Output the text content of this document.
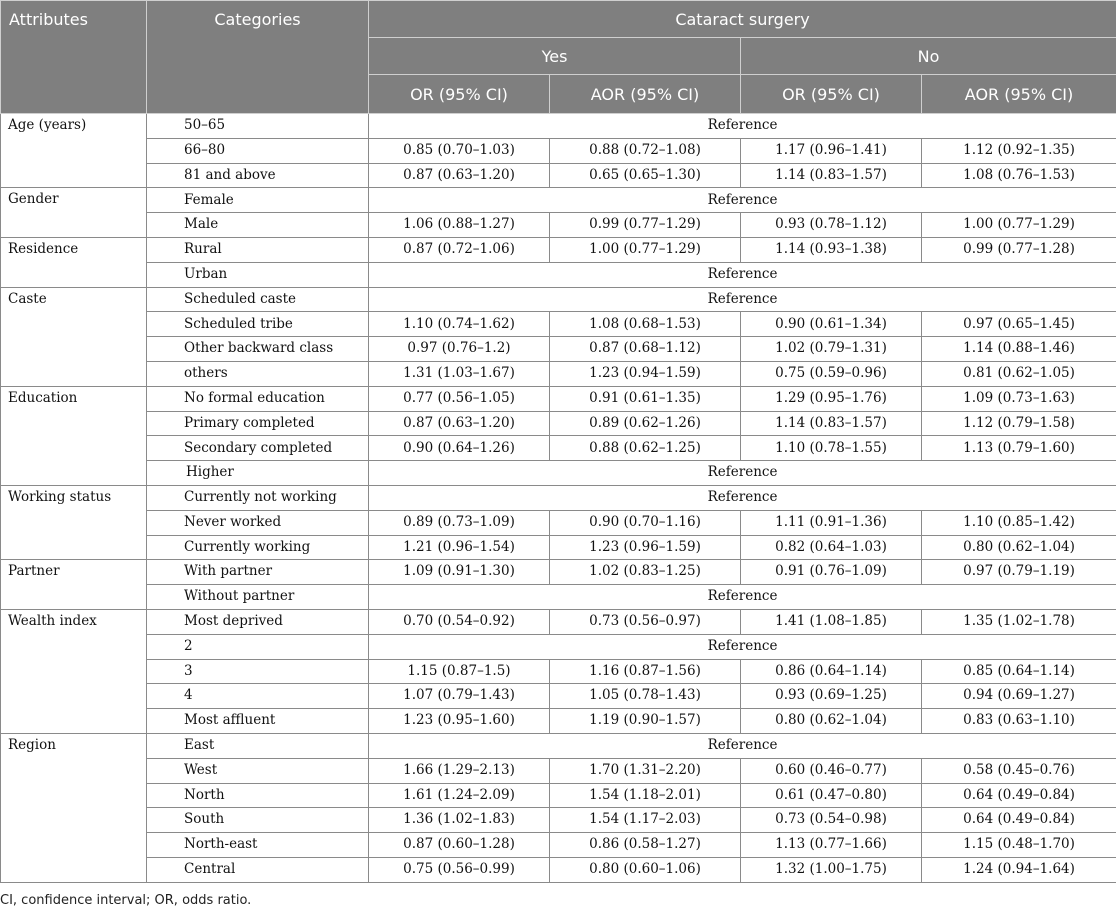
Attributes	Categories	Cataract surgery			
		Yes		No	
		OR (95% CI)	AOR (95% CI)	OR (95% CI)	AOR (95% CI)
Age (years)	50–65	Reference			
	66–80	0.85 (0.70–1.03)	0.88 (0.72–1.08)	1.17 (0.96–1.41)	1.12 (0.92–1.35)
	81 and above	0.87 (0.63–1.20)	0.65 (0.65–1.30)	1.14 (0.83–1.57)	1.08 (0.76–1.53)
Gender	Female	Reference			
	Male	1.06 (0.88–1.27)	0.99 (0.77–1.29)	0.93 (0.78–1.12)	1.00 (0.77–1.29)
Residence	Rural	0.87 (0.72–1.06)	1.00 (0.77–1.29)	1.14 (0.93–1.38)	0.99 (0.77–1.28)
	Urban	Reference			
Caste	Scheduled caste	Reference			
	Scheduled tribe	1.10 (0.74–1.62)	1.08 (0.68–1.53)	0.90 (0.61–1.34)	0.97 (0.65–1.45)
	Other backward class	0.97 (0.76–1.2)	0.87 (0.68–1.12)	1.02 (0.79–1.31)	1.14 (0.88–1.46)
	others	1.31 (1.03–1.67)	1.23 (0.94–1.59)	0.75 (0.59–0.96)	0.81 (0.62–1.05)
Education	No formal education	0.77 (0.56–1.05)	0.91 (0.61–1.35)	1.29 (0.95–1.76)	1.09 (0.73–1.63)
	Primary completed	0.87 (0.63–1.20)	0.89 (0.62–1.26)	1.14 (0.83–1.57)	1.12 (0.79–1.58)
	Secondary completed	0.90 (0.64–1.26)	0.88 (0.62–1.25)	1.10 (0.78–1.55)	1.13 (0.79–1.60)
	Higher	Reference			
Working status	Currently not working	Reference			
	Never worked	0.89 (0.73–1.09)	0.90 (0.70–1.16)	1.11 (0.91–1.36)	1.10 (0.85–1.42)
	Currently working	1.21 (0.96–1.54)	1.23 (0.96–1.59)	0.82 (0.64–1.03)	0.80 (0.62–1.04)
Partner	With partner	1.09 (0.91–1.30)	1.02 (0.83–1.25)	0.91 (0.76–1.09)	0.97 (0.79–1.19)
	Without partner	Reference			
Wealth index	Most deprived	0.70 (0.54–0.92)	0.73 (0.56–0.97)	1.41 (1.08–1.85)	1.35 (1.02–1.78)
	2	Reference			
	3	1.15 (0.87–1.5)	1.16 (0.87–1.56)	0.86 (0.64–1.14)	0.85 (0.64–1.14)
	4	1.07 (0.79–1.43)	1.05 (0.78–1.43)	0.93 (0.69–1.25)	0.94 (0.69–1.27)
	Most affluent	1.23 (0.95–1.60)	1.19 (0.90–1.57)	0.80 (0.62–1.04)	0.83 (0.63–1.10)
Region	East	Reference			
	West	1.66 (1.29–2.13)	1.70 (1.31–2.20)	0.60 (0.46–0.77)	0.58 (0.45–0.76)
	North	1.61 (1.24–2.09)	1.54 (1.18–2.01)	0.61 (0.47–0.80)	0.64 (0.49–0.84)
	South	1.36 (1.02–1.83)	1.54 (1.17–2.03)	0.73 (0.54–0.98)	0.64 (0.49–0.84)
	North-east	0.87 (0.60–1.28)	0.86 (0.58–1.27)	1.13 (0.77–1.66)	1.15 (0.48–1.70)
	Central	0.75 (0.56–0.99)	0.80 (0.60–1.06)	1.32 (1.00–1.75)	1.24 (0.94–1.64)
CI, confidence interval; OR, odds ratio.
